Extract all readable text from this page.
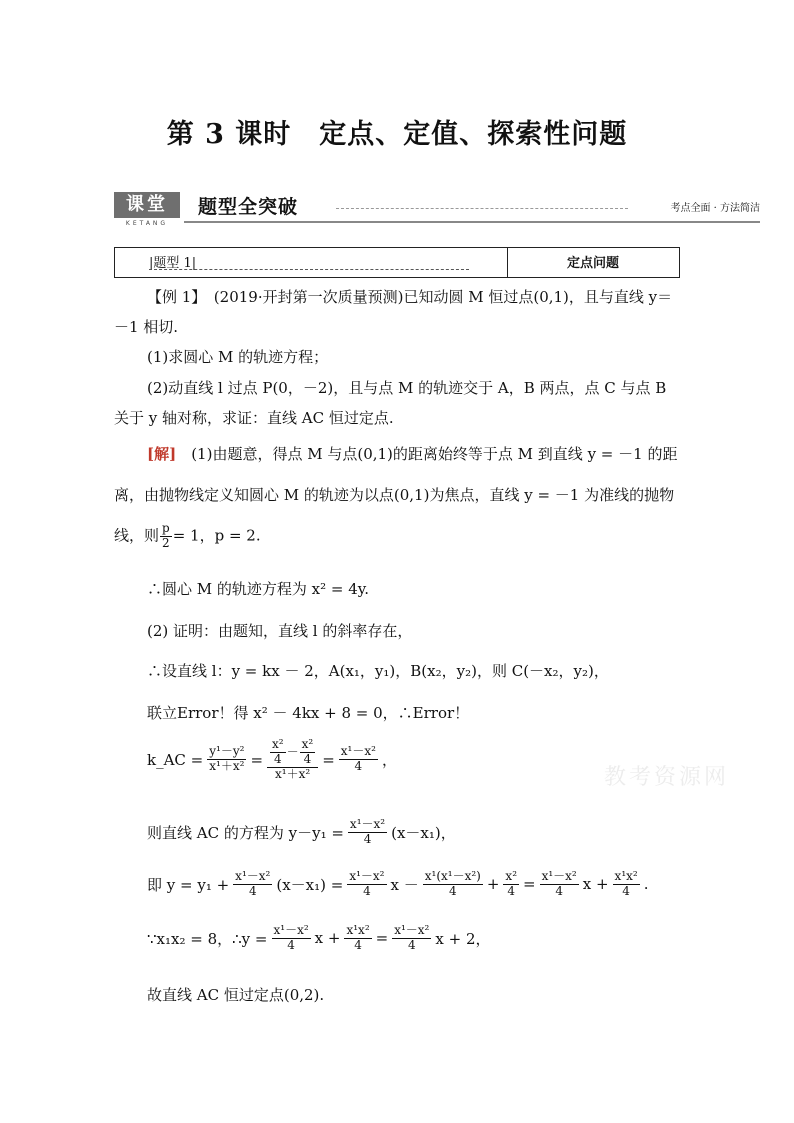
第 3 课时　定点、定值、探索性问题
课堂
KETANG
题型全突破	考点全面 · 方法简洁
|题型 1|	定点问题
【例 1】　(2019·开封第一次质量预测)已知动圆 M 恒过点(0,1)，且与直线 y＝
－1 相切.
(1)求圆心 M 的轨迹方程；
(2)动直线 l 过点 P(0，－2)，且与点 M 的轨迹交于 A，B 两点，点 C 与点 B
关于 y 轴对称，求证：直线 AC 恒过定点.
[解]　(1)由题意，得点 M 与点(0,1)的距离始终等于点 M 到直线 y = －1 的距
离，由抛物线定义知圆心 M 的轨迹为以点(0,1)为焦点，直线 y = －1 为准线的抛物
线，则 $\frac{p}{2} = 1$，p = 2.
∴圆心 M 的轨迹方程为 x² = 4y.
(2) 证明：由题知，直线 l 的斜率存在，
∴设直线 l：y = kx － 2，A(x₁，y₁)，B(x₂，y₂)，则 C(－x₂，y₂)，
联立Error！得 x² － 4kx + 8 = 0，∴Error！
k_AC = $\frac{\text{y¹－y²}}{\text{x¹＋x²}} = \frac{\frac{\text{x²}}{4} - \frac{\text{x²}}{4}}{\text{x¹＋x²}} = \frac{\text{x¹－x²}}{4}$ ，
则直线 AC 的方程为 $y-y_1 = \frac{\text{x¹－x²}}{4} (x-x_1)$，
即 $y = y_1 + \frac{\text{x¹－x²}}{4} (x-x_1) = \frac{\text{x¹－x²}}{4}$ $x - \frac{\text{x¹(x¹－x²)}}{4} + \frac{\text{x²}}{4} = \frac{\text{x¹－x²}}{4}$ $x + \frac{\text{x¹x²}}{4}$ .
∵x₁x₂ = 8，∴y = $\frac{\text{x¹－x²}}{4}$ $x + \frac{\text{x¹x²}}{4} = \frac{\text{x¹－x²}}{4}$ x + 2，
故直线 AC 恒过定点(0,2).
教考资源网
